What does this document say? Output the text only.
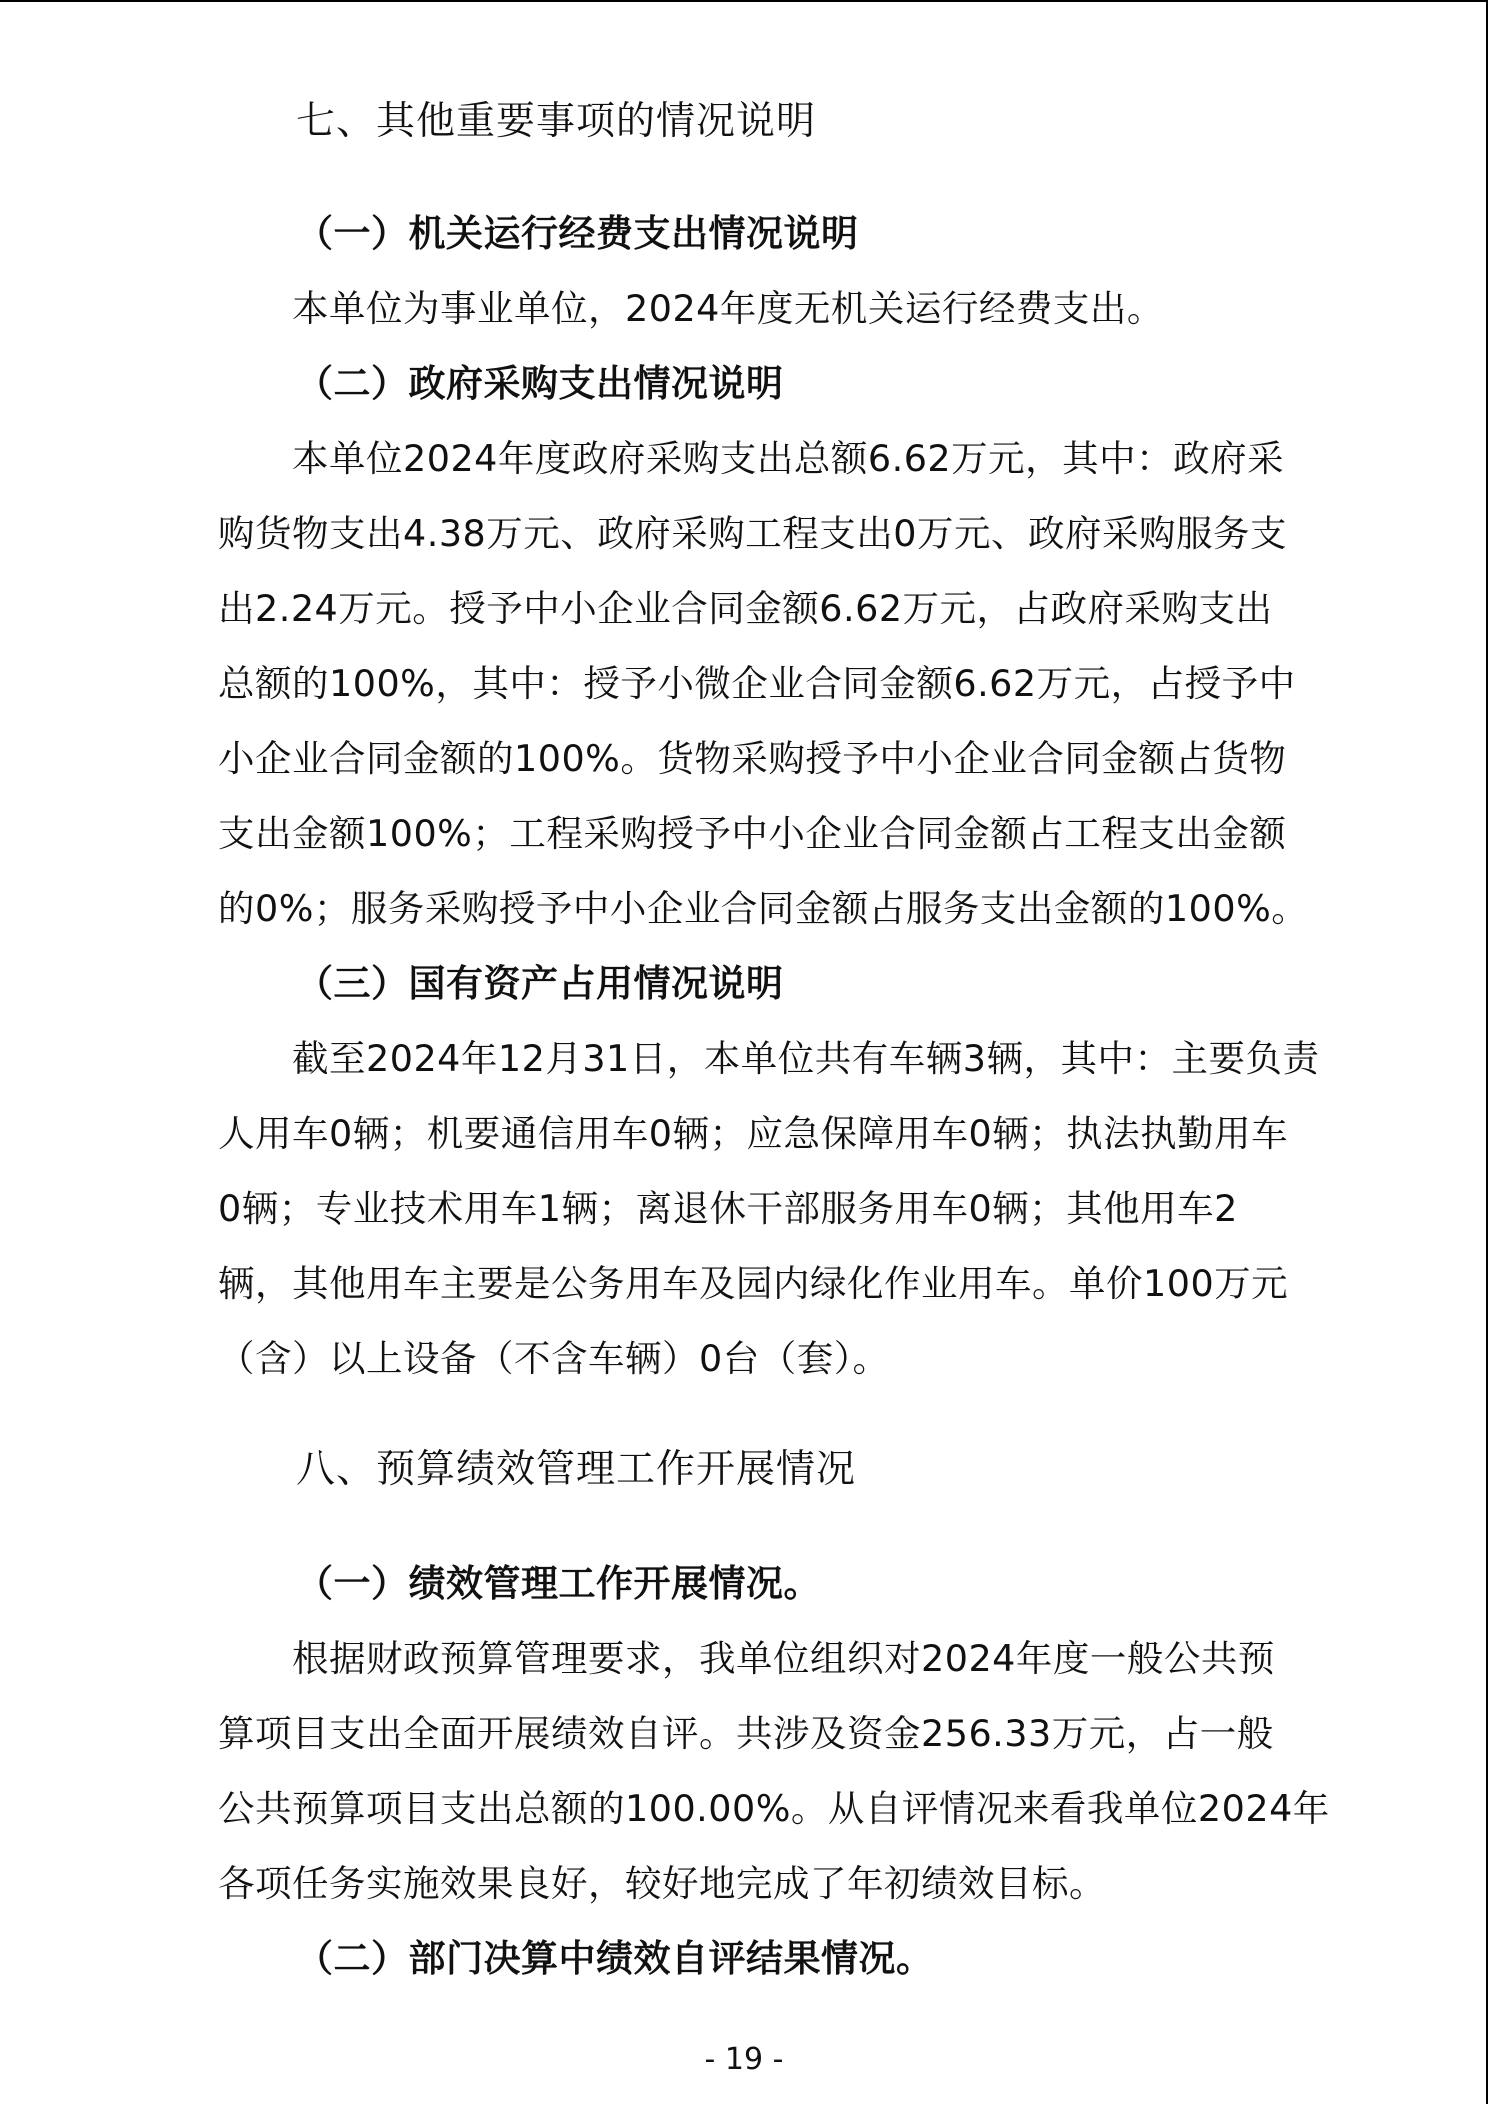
七、其他重要事项的情况说明
（一）机关运行经费支出情况说明
本单位为事业单位，2024年度无机关运行经费支出。
（二）政府采购支出情况说明
本单位2024年度政府采购支出总额6.62万元，其中：政府采
购货物支出4.38万元、政府采购工程支出0万元、政府采购服务支
出2.24万元。授予中小企业合同金额6.62万元，占政府采购支出
总额的100%，其中：授予小微企业合同金额6.62万元，占授予中
小企业合同金额的100%。货物采购授予中小企业合同金额占货物
支出金额100%；工程采购授予中小企业合同金额占工程支出金额
的0%；服务采购授予中小企业合同金额占服务支出金额的100%。
（三）国有资产占用情况说明
截至2024年12月31日，本单位共有车辆3辆，其中：主要负责
人用车0辆；机要通信用车0辆；应急保障用车0辆；执法执勤用车
0辆；专业技术用车1辆；离退休干部服务用车0辆；其他用车2
辆，其他用车主要是公务用车及园内绿化作业用车。单价100万元
（含）以上设备（不含车辆）0台（套）。
八、预算绩效管理工作开展情况
（一）绩效管理工作开展情况。
根据财政预算管理要求，我单位组织对2024年度一般公共预
算项目支出全面开展绩效自评。共涉及资金256.33万元，占一般
公共预算项目支出总额的100.00%。从自评情况来看我单位2024年
各项任务实施效果良好，较好地完成了年初绩效目标。
（二）部门决算中绩效自评结果情况。
- 19 -
